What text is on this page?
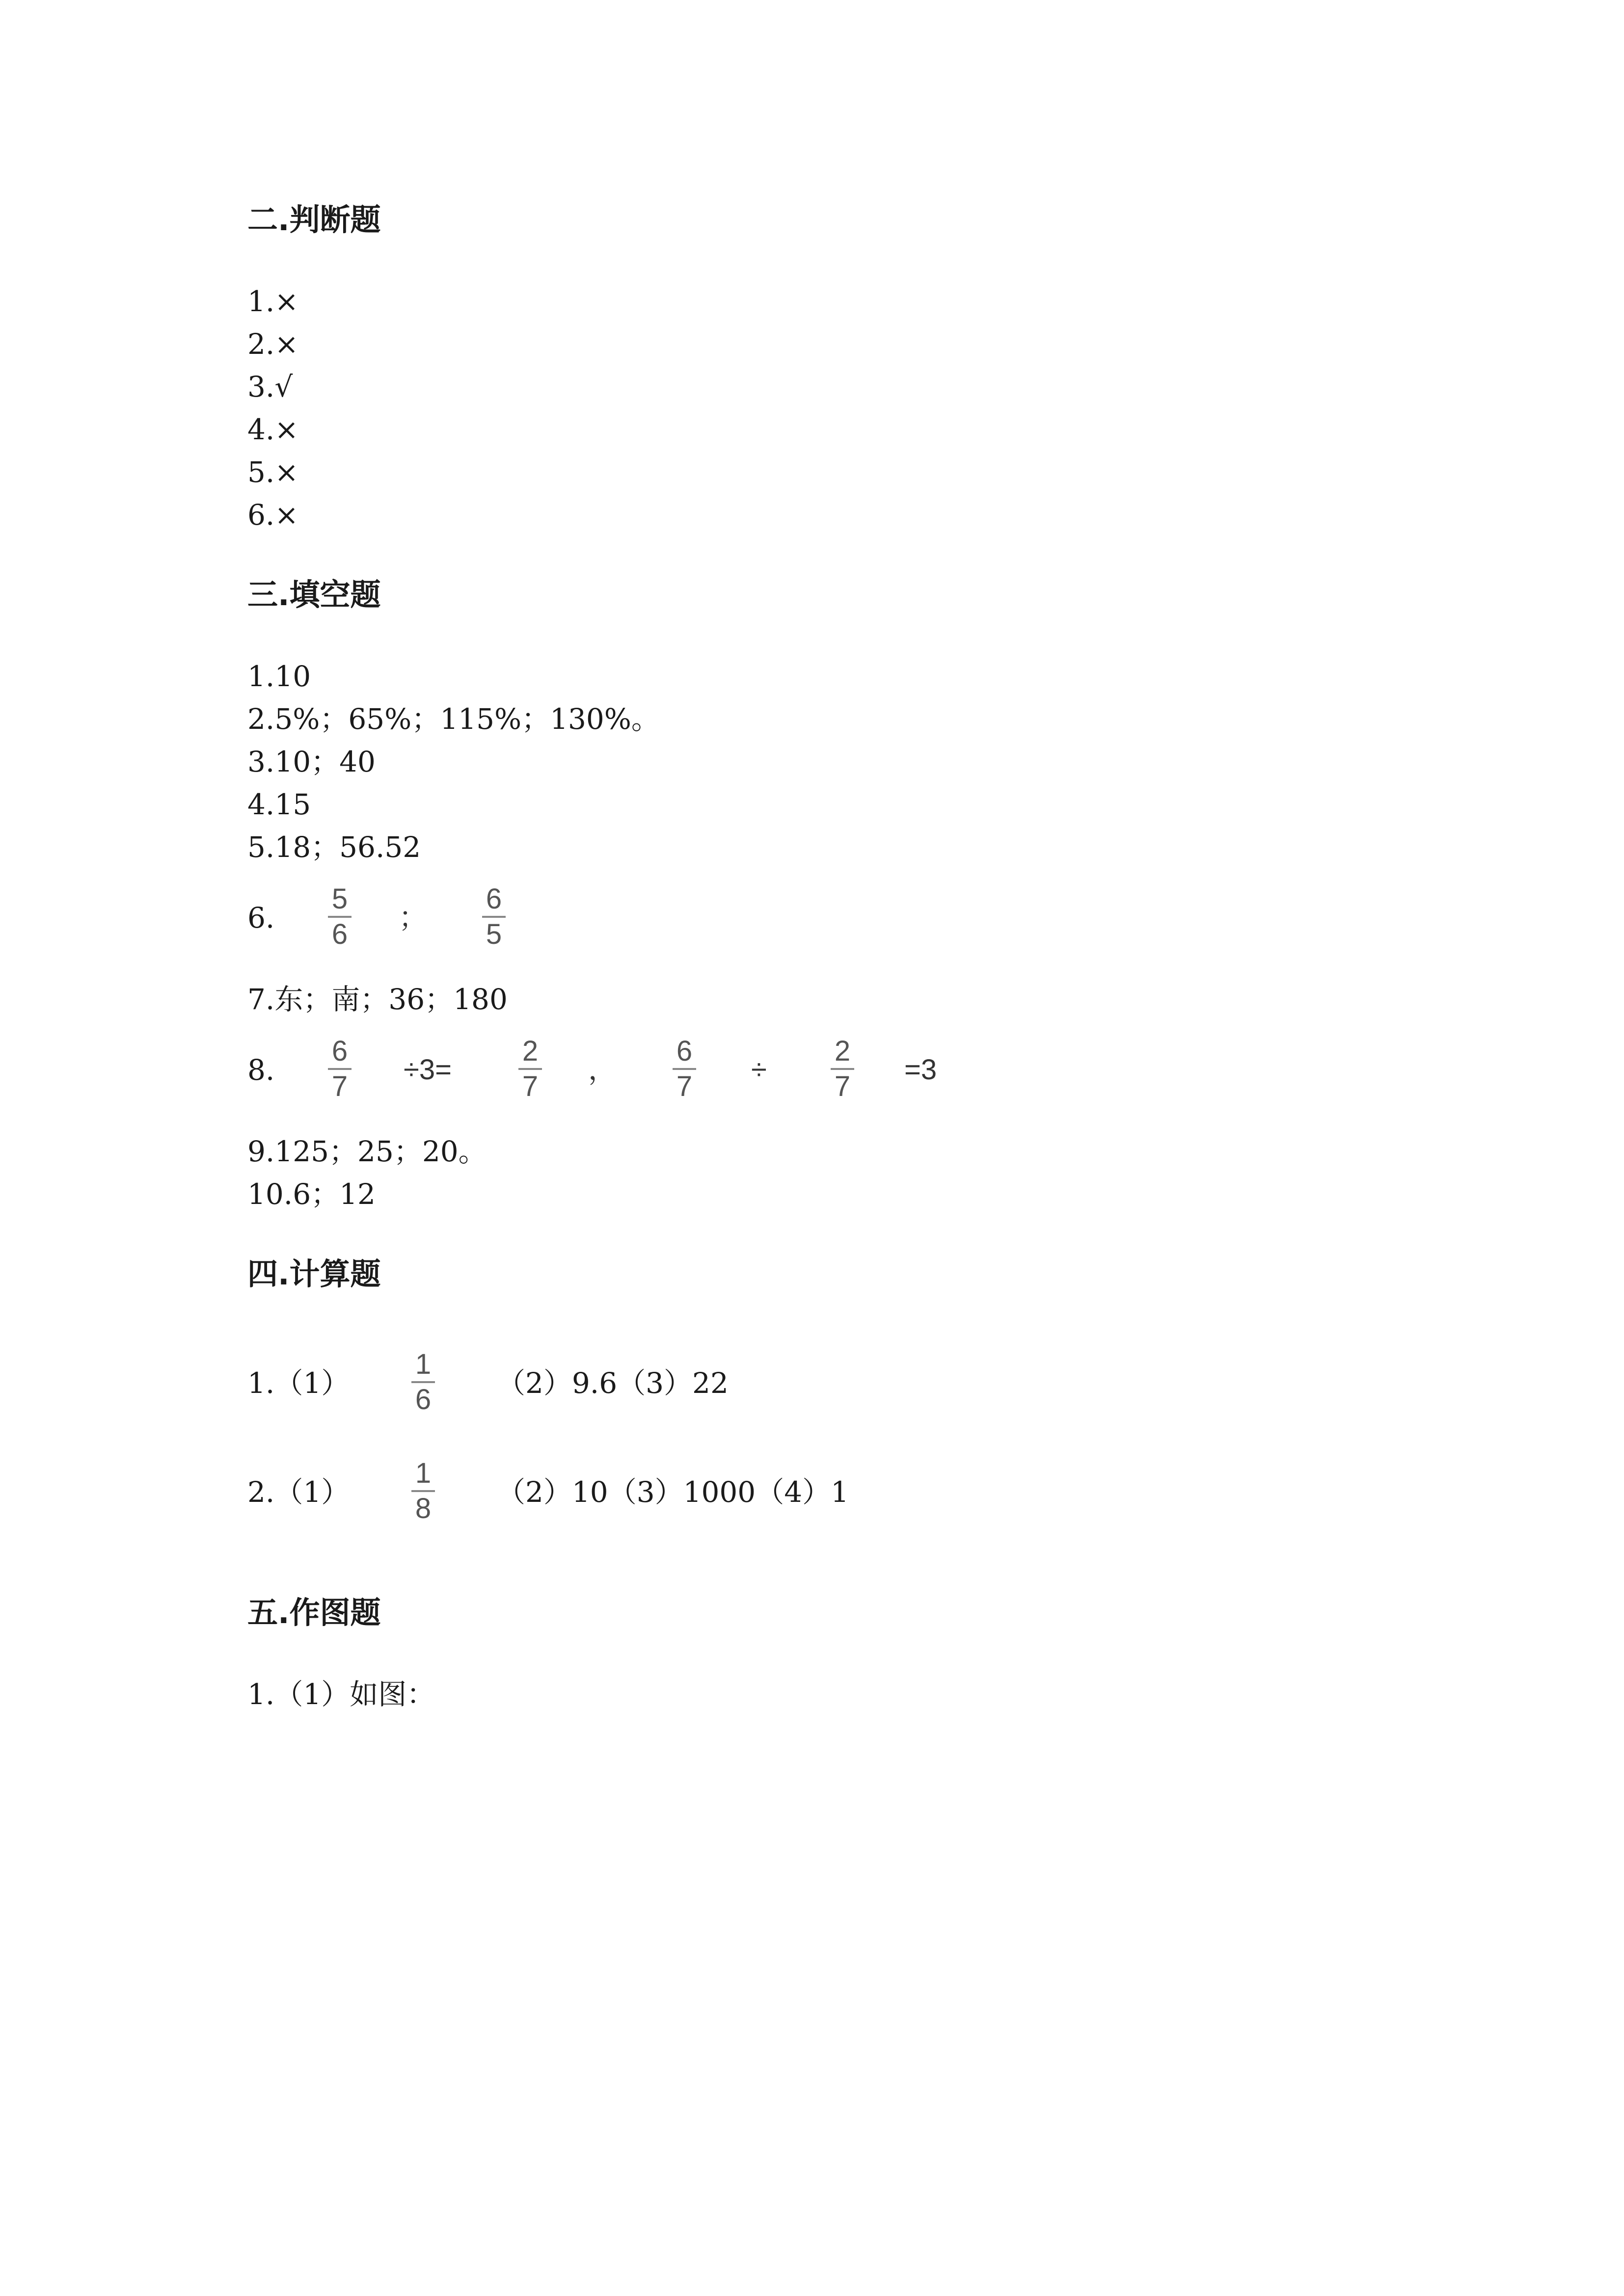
二.判断题
1.×
2.×
3.√
4.×
5.×
6.×
三.填空题
1.10
2.5%；65%；115%；130%。
3.10；40
4.15
5.18；56.52
6.
5
6
；
6
5
7.东；南；36；180
8.
6
7
÷3=
2
7
，
6
7
÷
2
7
=3
9.125；25；20。
10.6；12
四.计算题
1.（1）
1
6 （2）9.6（3）22
2.（1）
1
8 （2）10（3）1000（4）1
五.作图题
1.（1）如图：
